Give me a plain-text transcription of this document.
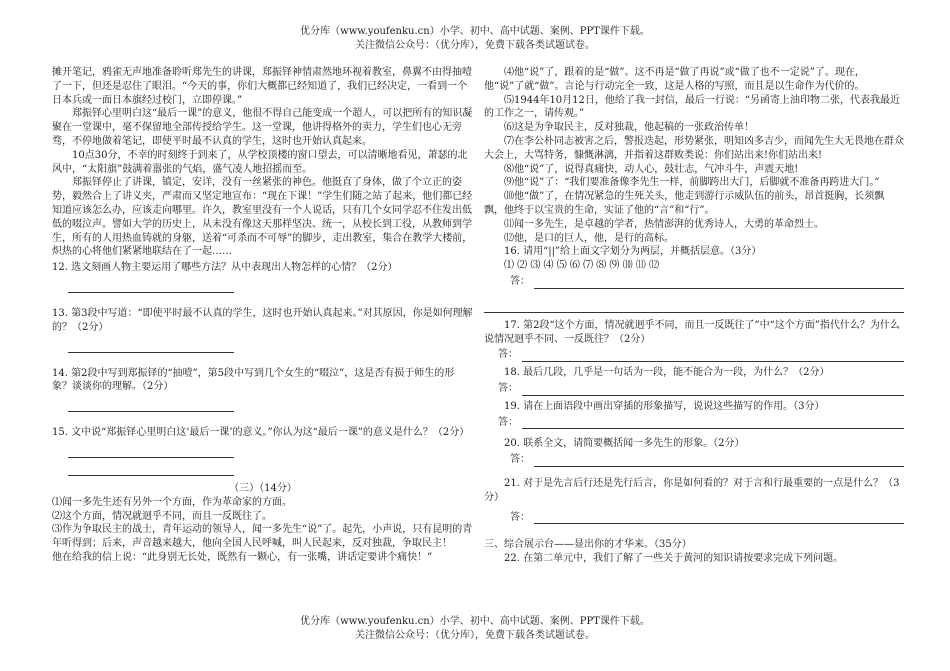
优分库（www.youfenku.cn）小学、初中、高中试题、案例、PPT课件下载。
关注微信公众号：（优分库），免费下载各类试题试卷。

摊开笔记，鸦雀无声地准备聆听郑先生的讲课，郑振铎神情肃然地环视着教室，鼻翼不由得抽噎了一下，但还是忍住了眼泪。“今天的事，你们大概都已经知道了，我们已经决定，一看到一个日本兵或一面日本旗经过校门，立即停课。”

郑振铎心里明白这“最后一课”的意义，他很不得自己能变成一个超人，可以把所有的知识凝聚在一堂课中，毫不保留地全部传授给学生。这一堂课，他讲得格外的卖力，学生们也心无旁骛，不停地做着笔记，即使平时最不认真的学生，这时也开始认真起来。

10点30分，不幸的时刻终于到来了，从学校顶楼的窗口望去，可以清晰地看见，萧瑟的北风中，“太阳旗”鼓满着嚣张的气焰，盛气凌人地招摇而至。

郑振铎停止了讲课，镇定，安详，没有一丝紧张的神色。他挺直了身体，做了个立正的姿势，毅然合上了讲义夹，严肃而又坚定地宣布：“现在下课！”学生们随之站了起来，他们都已经知道应该怎么办，应该走向哪里。许久，教室里没有一个人说话，只有几个女同学忍不住发出低低的啜泣声。譬如大学的历史上，从未没有像这天那样坚决、统一，从校长到工役，从教师到学生，所有的人用热血铸就的身躯，送着“可杀而不可辱”的脚步，走出教室，集合在教学大楼前，炽热的心将他们紧紧地联结在了一起……

12. 选文刻画人物主要运用了哪些方法？从中表现出人物怎样的心情？（2分）

13. 第3段中写道：“即使平时最不认真的学生，这时也开始认真起来。”对其原因，你是如何理解的？（2分）

14. 第2段中写到郑振铎的“抽噎”，第5段中写到几个女生的“啜泣”，这是否有损于师生的形象？谈谈你的理解。（2分）

15. 文中说“郑振铎心里明白这‘最后一课’的意义。”你认为这“最后一课”的意义是什么？（2分）

（三）（14分）

⑴闻一多先生还有另外一个方面，作为革命家的方面。

⑵这个方面，情况就迥乎不同，而且一反既往了。

⑶作为争取民主的战士，青年运动的领导人，闻一多先生“说”了。起先，小声说，只有昆明的青年听得到；后来，声音越来越大，他向全国人民呼喊，叫人民起来，反对独裁，争取民主！

他在给我的信上说：“此身别无长处，既然有一颗心，有一张嘴，讲话定要讲个痛快！”

⑷他“说”了，跟着的是“做”。这不再是“做了再说”或“做了也不一定说”了。现在，他“说”了就“做”。言论与行动完全一致，这是人格的写照，而且是以生命作为代价的。

⑸1944年10月12日，他给了我一封信，最后一行说：“另函寄上油印物二张，代表我最近的工作之一，请传观。”

⑹这是为争取民主，反对独裁，他起稿的一张政治传单！

⑺在李公朴同志被害之后，警报迭起，形势紧张，明知凶多吉少，而闻先生大无畏地在群众大会上，大骂特务，慷慨淋漓，并指着这群败类说：你们站出来!你们站出来!

⑻他“说”了，说得真痛快，动人心，鼓壮志，气冲斗牛，声震天地!

⑼他“说”了：“我们要准备像李先生一样，前脚跨出大门，后脚就不准备再跨进大门。”

⑽他“做”了，在情况紧急的生死关头，他走到游行示威队伍的前头，昂首挺胸，长须飘飘，他终于以宝贵的生命，实证了他的“言”和“行”。

⑾闻一多先生，是卓越的学者，热情澎湃的优秀诗人，大勇的革命烈士。

⑿他，是口的巨人，他，是行的高标。

16. 请用“||”给上面文字划分为两层，并概括层意。（3分）

⑴ ⑵ ⑶ ⑷ ⑸ ⑹ ⑺ ⑻ ⑼ ⑽ ⑾ ⑿

答：

17. 第2段“这个方面，情况就迥乎不同，而且一反既往了”中“这个方面”指代什么？为什么说情况迥乎不同、一反既往？（2分）

答：

18. 最后几段，几乎是一句话为一段，能不能合为一段，为什么？（2分）

答：

19. 请在上面语段中画出穿插的形象描写，说说这些描写的作用。（3分）

答：

20. 联系全文，请简要概括闻一多先生的形象。（2分）

答：

21. 对于是先言后行还是先行后言，你是如何看的？对于言和行最重要的一点是什么？（3分）

答：

三、综合展示台——显出你的才华来。（35分）

22. 在第二单元中，我们了解了一些关于黄河的知识请按要求完成下列问题。

优分库（www.youfenku.cn）小学、初中、高中试题、案例、PPT课件下载。
关注微信公众号：（优分库），免费下载各类试题试卷。
